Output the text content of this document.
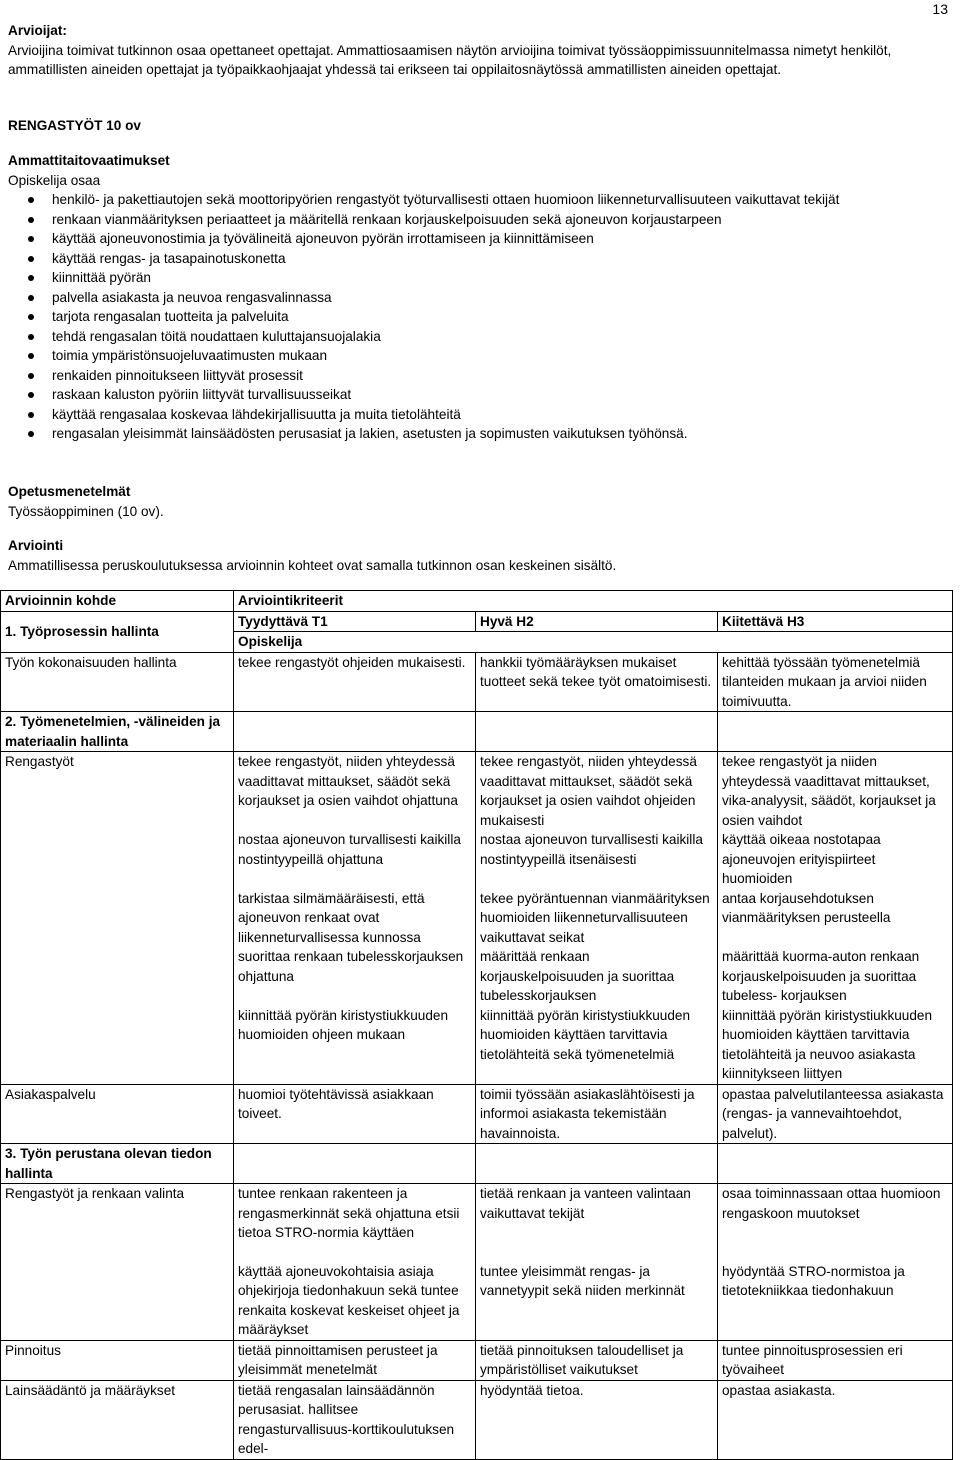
13

Arvioijat:

Arvioijina toimivat tutkinnon osaa opettaneet opettajat. Ammattiosaamisen näytön arvioijina toimivat työssäoppimissuunnitelmassa nimetyt henkilöt, ammatillisten aineiden opettajat ja työpaikkaohjaajat yhdessä tai erikseen tai oppilaitosnäytössä ammatillisten aineiden opettajat.

RENGASTYÖT 10 ov

Ammattitaitovaatimukset

Opiskelija osaa

henkilö- ja pakettiautojen sekä moottoripyörien rengastyöt työturvallisesti ottaen huomioon liikenneturvallisuuteen vaikuttavat tekijät
renkaan vianmäärityksen periaatteet ja määritellä renkaan korjauskelpoisuuden sekä ajoneuvon korjaustarpeen
käyttää ajoneuvonostimia ja työvälineitä ajoneuvon pyörän irrottamiseen ja kiinnittämiseen
käyttää rengas- ja tasapainotuskonetta
kiinnittää pyörän
palvella asiakasta ja neuvoa rengasvalinnassa
tarjota rengasalan tuotteita ja palveluita
tehdä rengasalan töitä noudattaen kuluttajansuojalakia
toimia ympäristönsuojeluvaatimusten mukaan
renkaiden pinnoitukseen liittyvät prosessit
raskaan kaluston pyöriin liittyvät turvallisuusseikat
käyttää rengasalaa koskevaa lähdekirjallisuutta ja muita tietolähteitä
rengasalan yleisimmät lainsäädösten perusasiat ja lakien, asetusten ja sopimusten vaikutuksen työhönsä.

Opetusmenetelmät

Työssäoppiminen (10 ov).

Arviointi

Ammatillisessa peruskoulutuksessa arvioinnin kohteet ovat samalla tutkinnon osan keskeinen sisältö.

Arvioinnin kohde	Arviointikriteerit		
1. Työprosessin hallinta	Tyydyttävä T1	Hyvä H2	Kiitettävä H3
	Opiskelija		
Työn kokonaisuuden hallinta	tekee rengastyöt ohjeiden mukaisesti.	hankkii työmääräyksen mukaiset tuotteet sekä tekee työt omatoimisesti.	kehittää työssään työmenetelmiä tilanteiden mukaan ja arvioi niiden toimivuutta.
2. Työmenetelmien, -välineiden ja materiaalin hallinta			
Rengastyöt	tekee rengastyöt, niiden yhteydessä vaadittavat mittaukset, säädöt sekä korjaukset ja osien vaihdot ohjattuna	tekee rengastyöt, niiden yhteydessä vaadittavat mittaukset, säädöt sekä korjaukset ja osien vaihdot ohjeiden mukaisesti	tekee rengastyöt ja niiden yhteydessä vaadittavat mittaukset, vika-analyysit, säädöt, korjaukset ja osien vaihdot
	nostaa ajoneuvon turvallisesti kaikilla nostintyypeillä ohjattuna	nostaa ajoneuvon turvallisesti kaikilla nostintyypeillä itsenäisesti	käyttää oikeaa nostotapaa ajoneuvojen erityispiirteet huomioiden
	tarkistaa silmämääräisesti, että ajoneuvon renkaat ovat liikenneturvallisessa kunnossa	tekee pyöräntuennan vianmäärityksen huomioiden liikenneturvallisuuteen vaikuttavat seikat	antaa korjausehdotuksen vianmäärityksen perusteella
	suorittaa renkaan tubelesskorjauksen ohjattuna	määrittää renkaan korjauskelpoisuuden ja suorittaa tubelesskorjauksen	määrittää kuorma-auton renkaan korjauskelpoisuuden ja suorittaa tubeless- korjauksen
	kiinnittää pyörän kiristystiukkuuden huomioiden ohjeen mukaan	kiinnittää pyörän kiristystiukkuuden huomioiden käyttäen tarvittavia tietolähteitä sekä työmenetelmiä	kiinnittää pyörän kiristystiukkuuden huomioiden käyttäen tarvittavia tietolähteitä ja neuvoo asiakasta kiinnitykseen liittyen
Asiakaspalvelu	huomioi työtehtävissä asiakkaan toiveet.	toimii työssään asiakaslähtöisesti ja informoi asiakasta tekemistään havainnoista.	opastaa palvelutilanteessa asiakasta (rengas- ja vannevaihtoehdot, palvelut).
3. Työn perustana olevan tiedon hallinta			
Rengastyöt ja renkaan valinta	tuntee renkaan rakenteen ja rengasmerkinnät sekä ohjattuna etsii tietoa STRO-normia käyttäen	tietää renkaan ja vanteen valintaan vaikuttavat tekijät	osaa toiminnassaan ottaa huomioon rengaskoon muutokset
	käyttää ajoneuvokohtaisia asiaja ohjekirjoja tiedonhakuun sekä tuntee renkaita koskevat keskeiset ohjeet ja määräykset	tuntee yleisimmät rengas- ja vannetyypit sekä niiden merkinnät	hyödyntää STRO-normistoa ja tietotekniikkaa tiedonhakuun
Pinnoitus	tietää pinnoittamisen perusteet ja yleisimmät menetelmät	tietää pinnoituksen taloudelliset ja ympäristölliset vaikutukset	tuntee pinnoitusprosessien eri työvaiheet
Lainsäädäntö ja määräykset	tietää rengasalan lainsäädännön perusasiat. hallitsee rengasturvallisuus-korttikoulutuksen edel-	hyödyntää tietoa.	opastaa asiakasta.
